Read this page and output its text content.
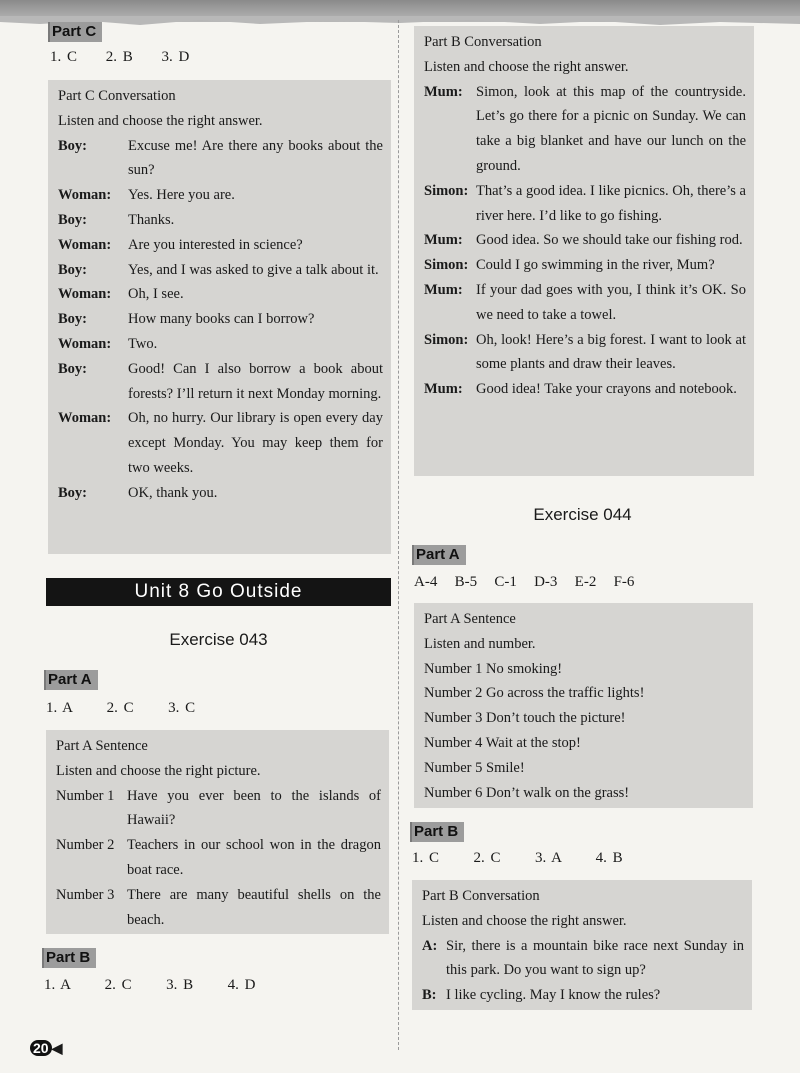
Part C
1. C     2. B     3. D
Part C Conversation
Listen and choose the right answer.
Boy:	Excuse me! Are there any books about the sun?
Woman:	Yes. Here you are.
Boy:	Thanks.
Woman:	Are you interested in science?
Boy:	Yes, and I was asked to give a talk about it.
Woman:	Oh, I see.
Boy:	How many books can I borrow?
Woman:	Two.
Boy:	Good! Can I also borrow a book about forests? I’ll return it next Monday morning.
Woman:	Oh, no hurry. Our library is open every day except Monday. You may keep them for two weeks.
Boy:	OK, thank you.
Unit 8 Go Outside
Exercise 043
Part A
1. A      2. C      3. C
Part A Sentence
Listen and choose the right picture.
Number 1 Have you ever been to the islands of Hawaii?
Number 2 Teachers in our school won in the dragon boat race.
Number 3 There are many beautiful shells on the beach.
Part B
1. A      2. C      3. B      4. D
Part B Conversation
Listen and choose the right answer.
Mum: Simon, look at this map of the countryside. Let’s go there for a picnic on Sunday. We can take a big blanket and have our lunch on the ground.
Simon: That’s a good idea. I like picnics. Oh, there’s a river here. I’d like to go fishing.
Mum: Good idea. So we should take our fishing rod.
Simon: Could I go swimming in the river, Mum?
Mum: If your dad goes with you, I think it’s OK. So we need to take a towel.
Simon: Oh, look! Here’s a big forest. I want to look at some plants and draw their leaves.
Mum: Good idea! Take your crayons and notebook.
Exercise 044
Part A
A-4   B-5   C-1   D-3   E-2   F-6
Part A Sentence
Listen and number.
Number 1 No smoking!
Number 2 Go across the traffic lights!
Number 3 Don’t touch the picture!
Number 4 Wait at the stop!
Number 5 Smile!
Number 6 Don’t walk on the grass!
Part B
1. C      2. C      3. A      4. B
Part B Conversation
Listen and choose the right answer.
A: Sir, there is a mountain bike race next Sunday in this park. Do you want to sign up?
B: I like cycling. May I know the rules?
20 ◀
